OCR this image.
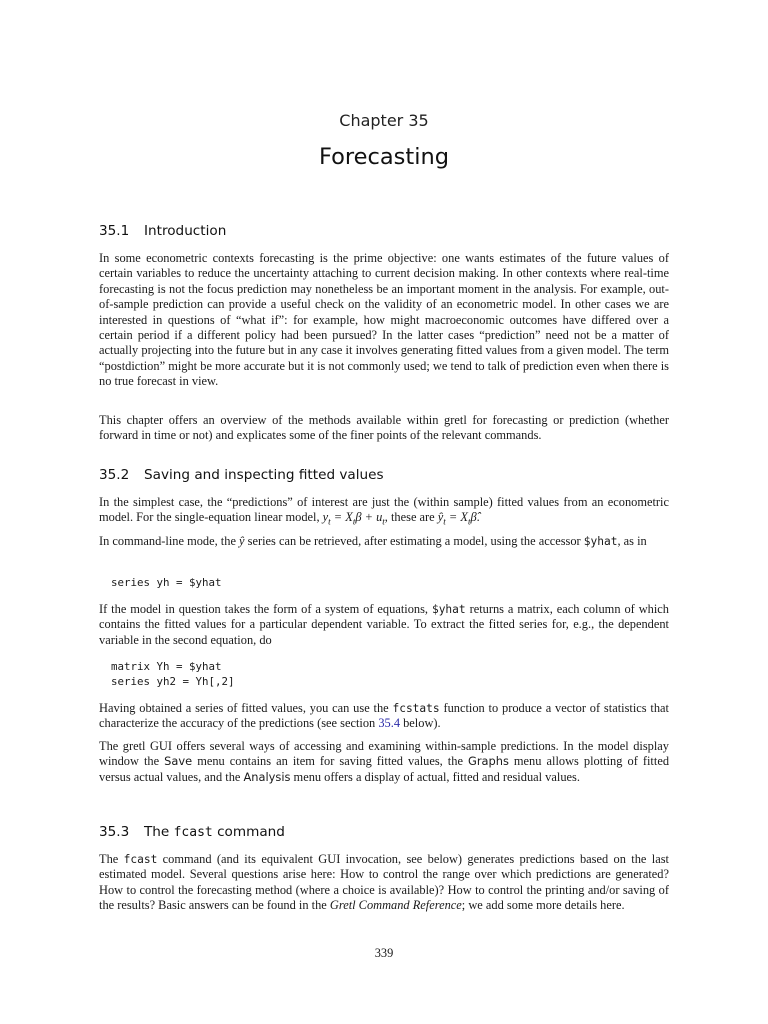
Chapter 35
Forecasting
35.1 Introduction

In some econometric contexts forecasting is the prime objective: one wants estimates of the future values of certain variables to reduce the uncertainty attaching to current decision making. In other contexts where real-time forecasting is not the focus prediction may nonetheless be an important moment in the analysis. For example, out-of-sample prediction can provide a useful check on the validity of an econometric model. In other cases we are interested in questions of “what if”: for example, how might macroeconomic outcomes have differed over a certain period if a different policy had been pursued? In the latter cases “prediction” need not be a matter of actually projecting into the future but in any case it involves generating fitted values from a given model. The term “postdiction” might be more accurate but it is not commonly used; we tend to talk of prediction even when there is no true forecast in view.

This chapter offers an overview of the methods available within gretl for forecasting or prediction (whether forward in time or not) and explicates some of the finer points of the relevant commands.

35.2 Saving and inspecting fitted values

In the simplest case, the “predictions” of interest are just the (within sample) fitted values from an econometric model. For the single-equation linear model, $y_t = X_t\beta + u_t$, these are $ŷ_t$ = $X_t\betâ$.

In command-line mode, the ŷ series can be retrieved, after estimating a model, using the accessor $yhat, as in

series yh = $yhat

If the model in question takes the form of a system of equations, $yhat returns a matrix, each column of which contains the fitted values for a particular dependent variable. To extract the fitted series for, e.g., the dependent variable in the second equation, do

matrix Yh = $yhat
series yh2 = Yh[,2]

Having obtained a series of fitted values, you can use the fcstats function to produce a vector of statistics that characterize the accuracy of the predictions (see section 35.4 below).

The gretl GUI offers several ways of accessing and examining within-sample predictions. In the model display window the Save menu contains an item for saving fitted values, the Graphs menu allows plotting of fitted versus actual values, and the Analysis menu offers a display of actual, fitted and residual values.

35.3 The fcast command

The fcast command (and its equivalent GUI invocation, see below) generates predictions based on the last estimated model. Several questions arise here: How to control the range over which predictions are generated? How to control the forecasting method (where a choice is available)? How to control the printing and/or saving of the results? Basic answers can be found in the Gretl Command Reference; we add some more details here.

339
